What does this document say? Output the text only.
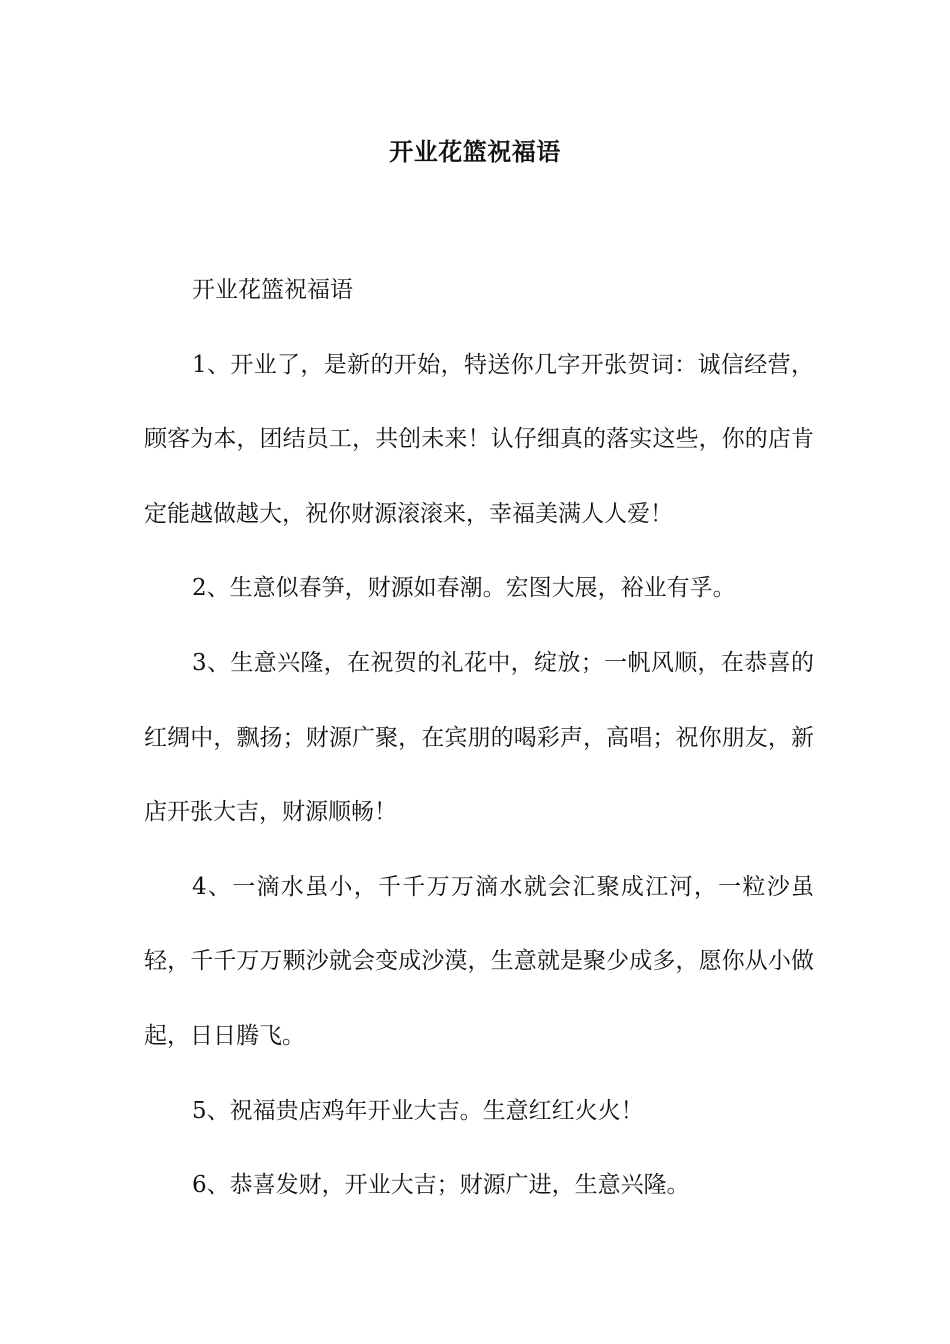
开业花篮祝福语

开业花篮祝福语

1、开业了，是新的开始，特送你几字开张贺词：诚信经营，顾客为本，团结员工，共创未来！认仔细真的落实这些，你的店肯定能越做越大，祝你财源滚滚来，幸福美满人人爱！

2、生意似春笋，财源如春潮。宏图大展，裕业有孚。

3、生意兴隆，在祝贺的礼花中，绽放；一帆风顺，在恭喜的红绸中，飘扬；财源广聚，在宾朋的喝彩声，高唱；祝你朋友，新店开张大吉，财源顺畅！

4、一滴水虽小，千千万万滴水就会汇聚成江河，一粒沙虽轻，千千万万颗沙就会变成沙漠，生意就是聚少成多，愿你从小做起，日日腾飞。

5、祝福贵店鸡年开业大吉。生意红红火火！

6、恭喜发财，开业大吉；财源广进，生意兴隆。
